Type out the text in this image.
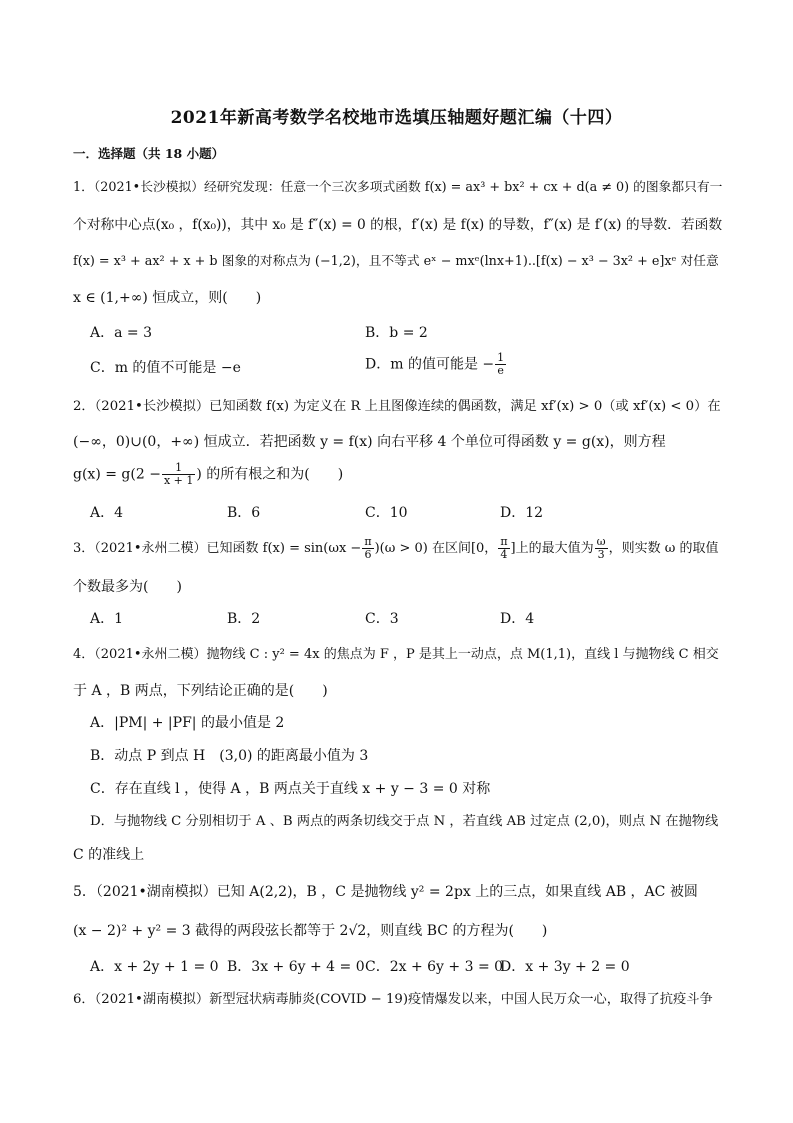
2021年新高考数学名校地市选填压轴题好题汇编（十四）
一．选择题（共 18 小题）
1．（2021•长沙模拟）经研究发现：任意一个三次多项式函数 f(x) = ax³ + bx² + cx + d(a ≠ 0) 的图象都只有一
个对称中心点(x₀ ，f(x₀))，其中 x₀ 是 f″(x) = 0 的根，f′(x) 是 f(x) 的导数，f″(x) 是 f′(x) 的导数．若函数
f(x) = x³ + ax² + x + b 图象的对称点为 (−1,2)，且不等式 eˣ − mxᵉ(lnx+1)..[f(x) − x³ − 3x² + e]xᵉ 对任意
x ∈ (1,+∞) 恒成立，则(　　)
A．a = 3	B．b = 2
C．m 的值不可能是 −e	D．m 的值可能是 − $\frac{1}{e}$
2．（2021•长沙模拟）已知函数 f(x) 为定义在 R 上且图像连续的偶函数，满足 xf′(x) > 0（或 xf′(x) < 0）在
(−∞，0)∪(0，+∞) 恒成立．若把函数 y = f(x) 向右平移 4 个单位可得函数 y = g(x)，则方程
$g(x) = g(2 - \frac{1}{x + 1}$ ) 的所有根之和为(　　)
A．4	B．6	C．10	D．12
3．（2021•永州二模）已知函数 $f(x) = \sin(\omega x - \frac{\pi}{6} )(\omega > 0)$ 在区间[0， $\frac{\pi}{4}$ ]上的最大值为 $\frac{\omega}{3}$ ，则实数 ω 的取值
个数最多为(　　)
A．1	B．2	C．3	D．4
4．（2021•永州二模）抛物线 C : y² = 4x 的焦点为 F ，P 是其上一动点，点 M(1,1)，直线 l 与抛物线 C 相交
于 A ，B 两点，下列结论正确的是(　　)
A．|PM| + |PF| 的最小值是 2
B．动点 P 到点 H　(3,0) 的距离最小值为 3
C．存在直线 l ，使得 A ，B 两点关于直线 x + y − 3 = 0 对称
D．与抛物线 C 分别相切于 A 、B 两点的两条切线交于点 N ，若直线 AB 过定点 (2,0)，则点 N 在抛物线
C 的准线上
5．（2021•湖南模拟）已知 A(2,2)，B ，C 是抛物线 y² = 2px 上的三点，如果直线 AB ，AC 被圆
(x − 2)² + y² = 3 截得的两段弦长都等于 2√2，则直线 BC 的方程为(　　)
A．x + 2y + 1 = 0 B．3x + 6y + 4 = 0 C．2x + 6y + 3 = 0
D．x + 3y + 2 = 0
6．（2021•湖南模拟）新型冠状病毒肺炎(COVID − 19)疫情爆发以来，中国人民万众一心，取得了抗疫斗争
